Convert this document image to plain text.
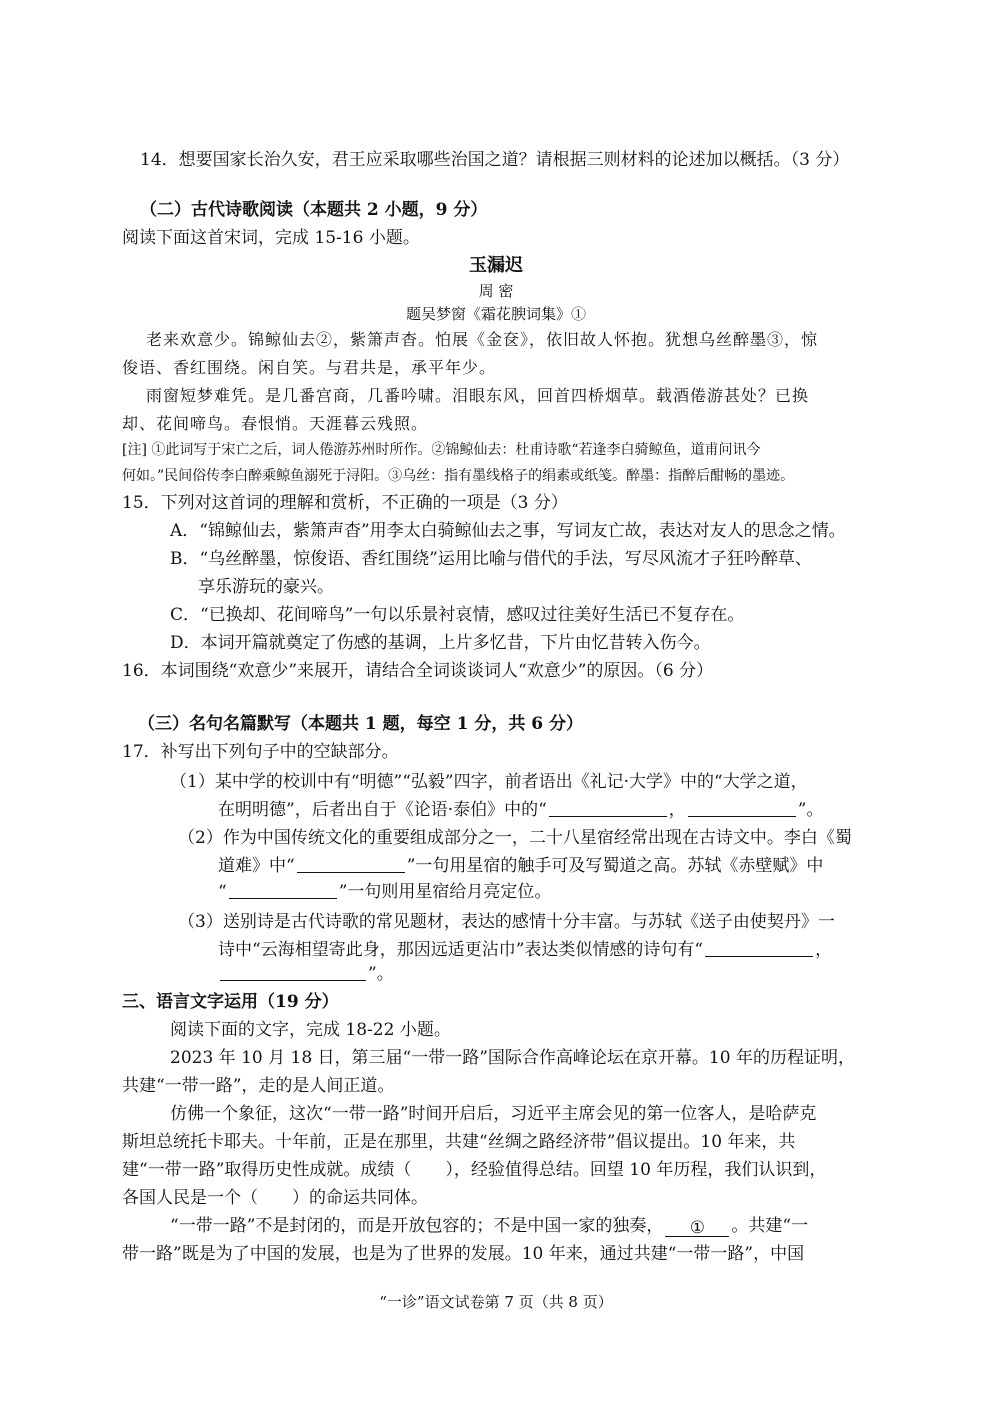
14．想要国家长治久安，君王应采取哪些治国之道？请根据三则材料的论述加以概括。（3 分）
（二）古代诗歌阅读（本题共 2 小题，9 分）
阅读下面这首宋词，完成 15-16 小题。
玉漏迟
周 密
题吴梦窗《霜花腴词集》①
老来欢意少。锦鲸仙去②，紫箫声杳。怕展《金奁》，依旧故人怀抱。犹想乌丝醉墨③，惊
俊语、香红围绕。闲自笑。与君共是，承平年少。
雨窗短梦难凭。是几番宫商，几番吟啸。泪眼东风，回首四桥烟草。载酒倦游甚处？已换
却、花间啼鸟。春恨悄。天涯暮云残照。
[注] ①此词写于宋亡之后，词人倦游苏州时所作。②锦鲸仙去：杜甫诗歌“若逢李白骑鲸鱼，道甫问讯今
何如。”民间俗传李白醉乘鲸鱼溺死于浔阳。③乌丝：指有墨线格子的绢素或纸笺。醉墨：指醉后酣畅的墨迹。
15．下列对这首词的理解和赏析，不正确的一项是（3 分）
A．“锦鲸仙去，紫箫声杳”用李太白骑鲸仙去之事，写词友亡故，表达对友人的思念之情。
B．“乌丝醉墨，惊俊语、香红围绕”运用比喻与借代的手法，写尽风流才子狂吟醉草、
享乐游玩的豪兴。
C．“已换却、花间啼鸟”一句以乐景衬哀情，感叹过往美好生活已不复存在。
D．本词开篇就奠定了伤感的基调，上片多忆昔，下片由忆昔转入伤今。
16．本词围绕“欢意少”来展开，请结合全词谈谈词人“欢意少”的原因。（6 分）
（三）名句名篇默写（本题共 1 题，每空 1 分，共 6 分）
17．补写出下列句子中的空缺部分。
（1）某中学的校训中有“明德”“弘毅”四字，前者语出《礼记·大学》中的“大学之道，
在明明德”，后者出自于《论语·泰伯》中的“	，	”。
（2）作为中国传统文化的重要组成部分之一，二十八星宿经常出现在古诗文中。李白《蜀
道难》中“	”一句用星宿的触手可及写蜀道之高。苏轼《赤壁赋》中
“	”一句则用星宿给月亮定位。
（3）送别诗是古代诗歌的常见题材，表达的感情十分丰富。与苏轼《送子由使契丹》一
诗中“云海相望寄此身，那因远适更沾巾”表达类似情感的诗句有“	，
”。
三、语言文字运用（19 分）
阅读下面的文字，完成 18-22 小题。
2023 年 10 月 18 日，第三届“一带一路”国际合作高峰论坛在京开幕。10 年的历程证明，
共建“一带一路”，走的是人间正道。
仿佛一个象征，这次“一带一路”时间开启后，习近平主席会见的第一位客人，是哈萨克
斯坦总统托卡耶夫。十年前，正是在那里，共建“丝绸之路经济带”倡议提出。10 年来，共
建“一带一路”取得历史性成就。成绩（　　），经验值得总结。回望 10 年历程，我们认识到，
各国人民是一个（　　）的命运共同体。
“一带一路”不是封闭的，而是开放包容的；不是中国一家的独奏， ① 。共建“一
带一路”既是为了中国的发展，也是为了世界的发展。10 年来，通过共建“一带一路”，中国
“一诊”语文试卷第 7 页（共 8 页）
